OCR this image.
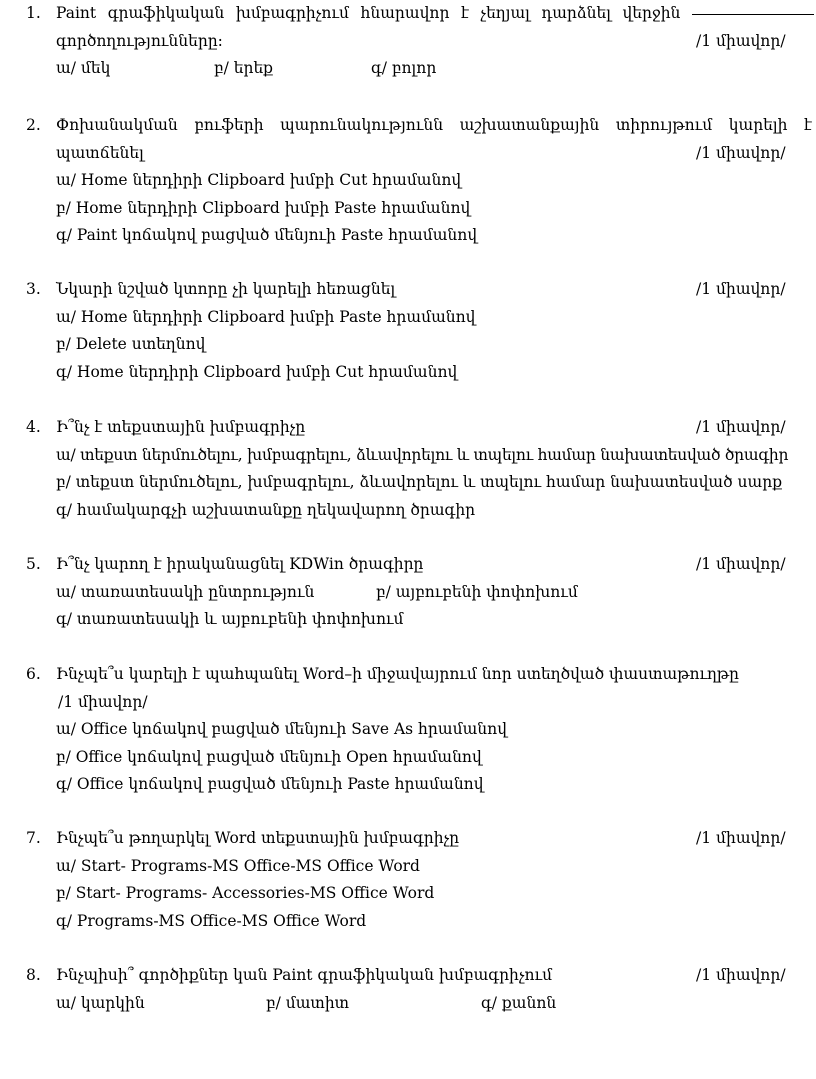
1. Paint գրաֆիկական խմբագրիչում հնարավոր է չեղյալ դարձնել վերջին
գործողությունները:	/1 միավոր/
ա/ մեկ	բ/ երեք	գ/ բոլոր
2. Փոխանակման բուֆերի պարունակությունն աշխատանքային տիրույթում կարելի է
պատճենել	/1 միավոր/
ա/ Home ներդիրի Clipboard խմբի Cut հրամանով
բ/ Home ներդիրի Clipboard խմբի Paste հրամանով
գ/ Paint կոճակով բացված մենյուի Paste հրամանով
3. Նկարի նշված կտորը չի կարելի հեռացնել	/1 միավոր/
ա/ Home ներդիրի Clipboard խմբի Paste հրամանով
բ/ Delete ստեղնով
գ/ Home ներդիրի Clipboard խմբի Cut հրամանով
4. Ի՞նչ է տեքստային խմբագրիչը	/1 միավոր/
ա/ տեքստ ներմուծելու, խմբագրելու, ձևավորելու և տպելու համար նախատեսված ծրագիր
բ/ տեքստ ներմուծելու, խմբագրելու, ձևավորելու և տպելու համար նախատեսված սարք
գ/ համակարգչի աշխատանքը ղեկավարող ծրագիր
5. Ի՞նչ կարող է իրականացնել KDWin ծրագիրը	/1 միավոր/
ա/ տառատեսակի ընտրություն	բ/ այբուբենի փոփոխում
գ/ տառատեսակի և այբուբենի փոփոխում
6. Ինչպե՞ս կարելի է պահպանել Word–ի միջավայրում նոր ստեղծված փաստաթուղթը
/1 միավոր/
ա/ Office կոճակով բացված մենյուի Save As հրամանով
բ/ Office կոճակով բացված մենյուի Open հրամանով
գ/ Office կոճակով բացված մենյուի Paste հրամանով
7. Ինչպե՞ս թողարկել Word տեքստային խմբագրիչը	/1 միավոր/
ա/ Start- Programs-MS Office-MS Office Word
բ/ Start- Programs- Accessories-MS Office Word
գ/ Programs-MS Office-MS Office Word
8. Ինչպիսի՞ գործիքներ կան Paint գրաֆիկական խմբագրիչում	/1 միավոր/
ա/ կարկին	բ/ մատիտ	գ/ քանոն
